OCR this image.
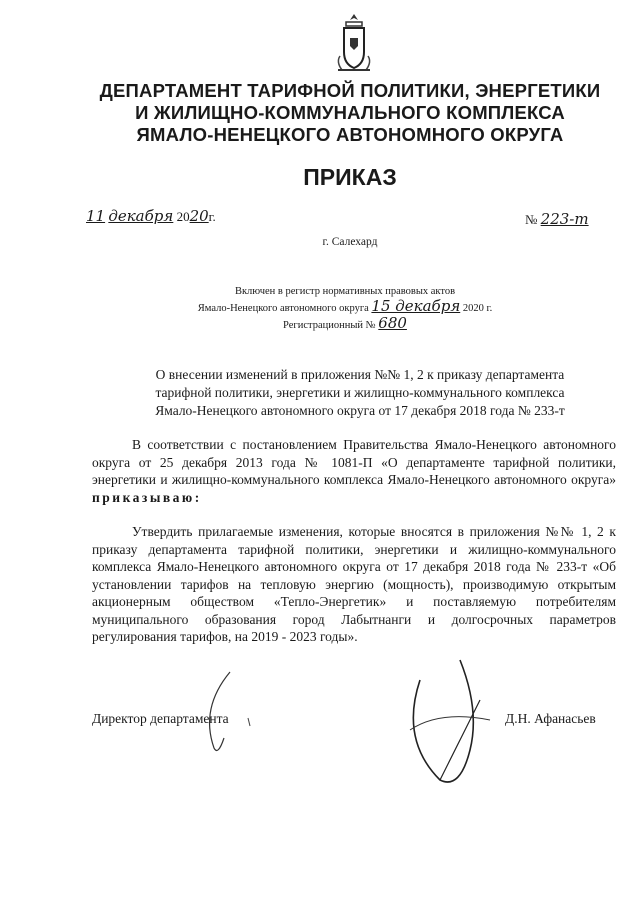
ДЕПАРТАМЕНТ ТАРИФНОЙ ПОЛИТИКИ, ЭНЕРГЕТИКИ
И ЖИЛИЩНО-КОММУНАЛЬНОГО КОМПЛЕКСА
ЯМАЛО-НЕНЕЦКОГО АВТОНОМНОГО ОКРУГА
ПРИКАЗ
11 декабря 2020г.	№ 223-т
г. Салехард
Включен в регистр нормативных правовых актов
Ямало-Ненецкого автономного округа 15 декабря 2020 г.
Регистрационный № 680
О внесении изменений в приложения №№ 1, 2 к приказу департамента
тарифной политики, энергетики и жилищно-коммунального комплекса
Ямало-Ненецкого автономного округа от 17 декабря 2018 года № 233-т
В соответствии с постановлением Правительства Ямало-Ненецкого автономного округа от 25 декабря 2013 года № 1081-П «О департаменте тарифной политики, энергетики и жилищно-коммунального комплекса Ямало-Ненецкого автономного округа» приказываю:
Утвердить прилагаемые изменения, которые вносятся в приложения №№ 1, 2 к приказу департамента тарифной политики, энергетики и жилищно-коммунального комплекса Ямало-Ненецкого автономного округа от 17 декабря 2018 года № 233-т «Об установлении тарифов на тепловую энергию (мощность), производимую открытым акционерным обществом «Тепло-Энергетик» и поставляемую потребителям муниципального образования город Лабытнанги и долгосрочных параметров регулирования тарифов, на 2019 - 2023 годы».
Директор департамента	Д.Н. Афанасьев
